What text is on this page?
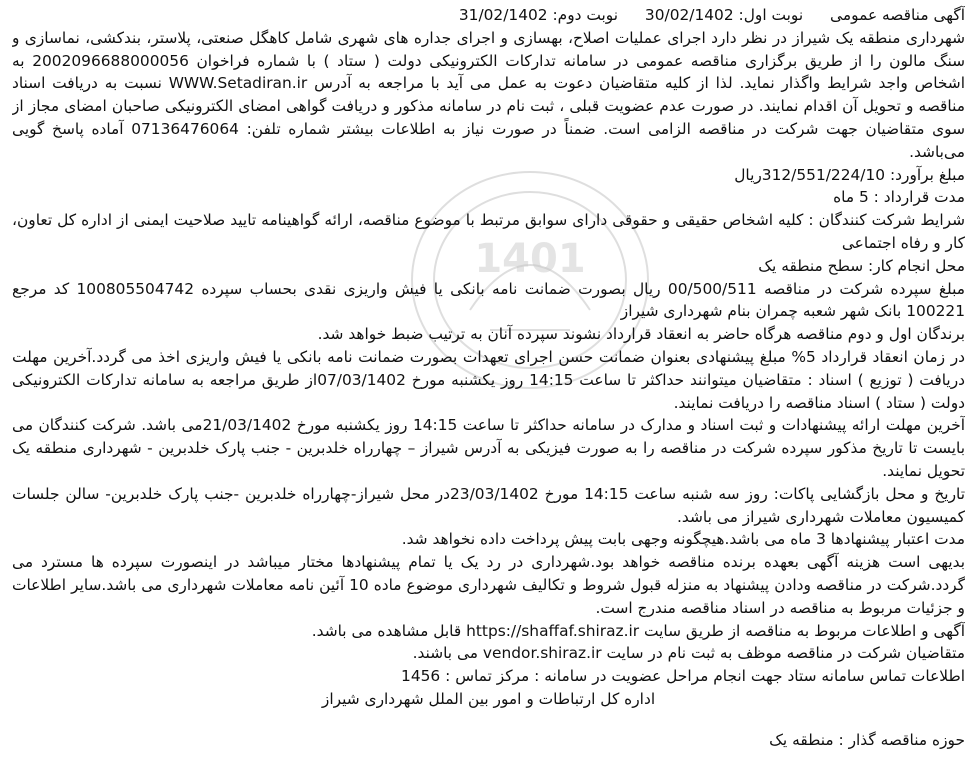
1401

آگهی مناقصه عمومی نوبت اول: 30/02/1402 نوبت دوم: 31/02/1402

شهرداری منطقه یک شیراز در نظر دارد اجرای عملیات اصلاح، بهسازی و اجرای جداره های شهری شامل کاهگل صنعتی، پلاستر، بندکشی، نماسازی و سنگ مالون را از طریق برگزاری مناقصه عمومی در سامانه تدارکات الکترونیکی دولت ( ستاد ) با شماره فراخوان 2002096688000056 به اشخاص واجد شرایط واگذار نماید. لذا از کلیه متقاضیان دعوت به عمل می آید با مراجعه به آدرس WWW.Setadiran.ir نسبت به دریافت اسناد مناقصه و تحویل آن اقدام نمایند. در صورت عدم عضویت قبلی ، ثبت نام در سامانه مذکور و دریافت گواهی امضای الکترونیکی صاحبان امضای مجاز از سوی متقاضیان جهت شرکت در مناقصه الزامی است. ضمناً در صورت نیاز به اطلاعات بیشتر شماره تلفن: 07136476064 آماده پاسخ گویی می‌باشد.

مبلغ برآورد: 312/551/224/10ریال

مدت قرارداد : 5 ماه

شرایط شرکت کنندگان : کلیه اشخاص حقیقی و حقوقی دارای سوابق مرتبط با موضوع مناقصه، ارائه گواهینامه تایید صلاحیت ایمنی از اداره کل تعاون، کار و رفاه اجتماعی

محل انجام کار: سطح منطقه یک

مبلغ سپرده شرکت در مناقصه 00/500/511 ریال بصورت ضمانت نامه بانکی یا فیش واریزی نقدی بحساب سپرده 100805504742 کد مرجع 100221 بانک شهر شعبه چمران بنام شهرداری شیراز

برندگان اول و دوم مناقصه هرگاه حاضر به انعقاد قرارداد نشوند سپرده آنان به ترتیب ضبط خواهد شد.

در زمان انعقاد قرارداد 5% مبلغ پیشنهادی بعنوان ضمانت حسن اجرای تعهدات بصورت ضمانت نامه بانکی یا فیش واریزی اخذ می گردد.آخرین مهلت دریافت ( توزیع ) اسناد : متقاضیان میتوانند حداکثر تا ساعت 14:15 روز یکشنبه مورخ 07/03/1402از طریق مراجعه به سامانه تدارکات الکترونیکی دولت ( ستاد ) اسناد مناقصه را دریافت نمایند.

آخرین مهلت ارائه پیشنهادات و ثبت اسناد و مدارک در سامانه حداکثر تا ساعت 14:15 روز یکشنبه مورخ 21/03/1402می باشد. شرکت کنندگان می بایست تا تاریخ مذکور سپرده شرکت در مناقصه را به صورت فیزیکی به آدرس شیراز – چهارراه خلدبرین - جنب پارک خلدبرین - شهرداری منطقه یک تحویل نمایند.

تاریخ و محل بازگشایی پاکات: روز سه شنبه ساعت 14:15 مورخ 23/03/1402در محل شیراز-چهارراه خلدبرین -جنب پارک خلدبرین- سالن جلسات کمیسیون معاملات شهرداری شیراز می باشد.

مدت اعتبار پیشنهادها 3 ماه می باشد.هیچگونه وجهی بابت پیش پرداخت داده نخواهد شد.

بدیهی است هزینه آگهی بعهده برنده مناقصه خواهد بود.شهرداری در رد یک یا تمام پیشنهادها مختار میباشد در اینصورت سپرده ها مسترد می گردد.شرکت در مناقصه ودادن پیشنهاد به منزله قبول شروط و تکالیف شهرداری موضوع ماده 10 آئین نامه معاملات شهرداری می باشد.سایر اطلاعات و جزئیات مربوط به مناقصه در اسناد مناقصه مندرج است.

آگهی و اطلاعات مربوط به مناقصه از طریق سایت https://shaffaf.shiraz.ir قابل مشاهده می باشد.

متقاضیان شرکت در مناقصه موظف به ثبت نام در سایت vendor.shiraz.ir می باشند.

اطلاعات تماس سامانه ستاد جهت انجام مراحل عضویت در سامانه : مرکز تماس : 1456

اداره کل ارتباطات و امور بین الملل شهرداری شیراز

حوزه مناقصه گذار : منطقه یک
